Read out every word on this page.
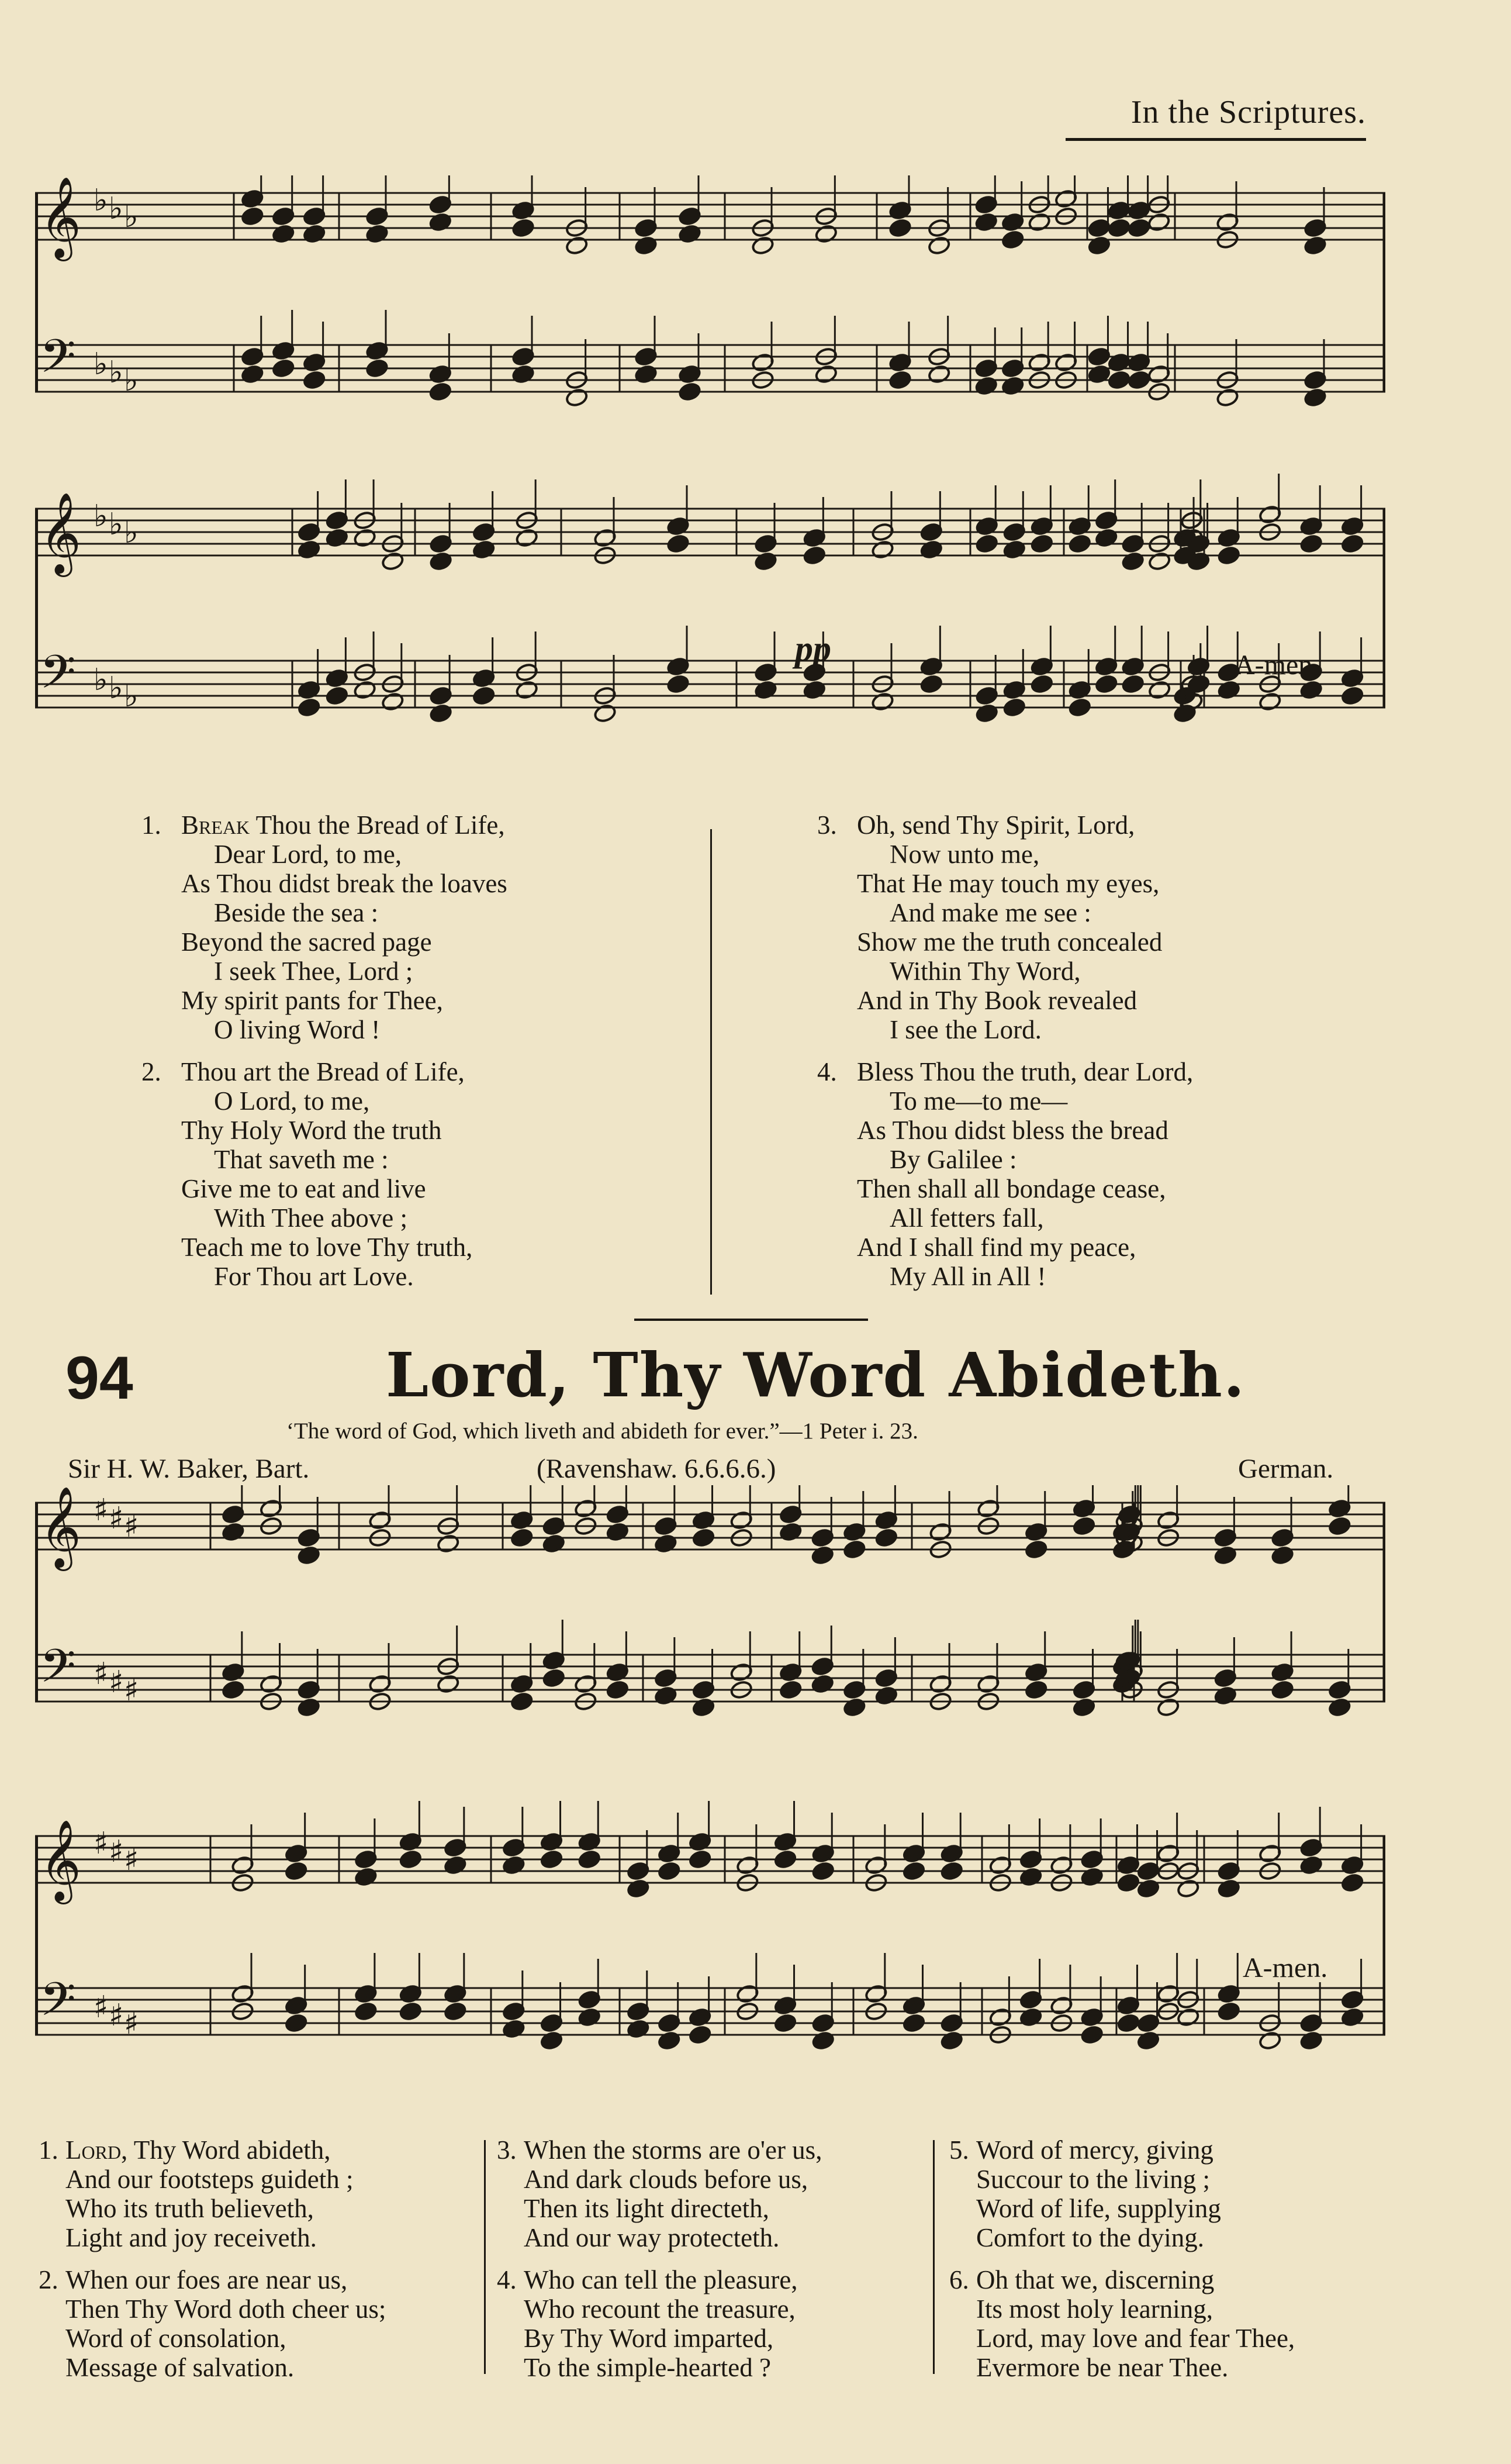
In the Scriptures.
𝄞
𝄢
♭
♭
♭
♭
♭
♭
𝄞
𝄢
♭
♭
♭
♭
♭
♭
pp	A-men.
1. Break Thou the Bread of Life,
Dear Lord, to me,
As Thou didst break the loaves
Beside the sea :
Beyond the sacred page
I seek Thee, Lord ;
My spirit pants for Thee,
O living Word !
2. Thou art the Bread of Life,
O Lord, to me,
Thy Holy Word the truth
That saveth me :
Give me to eat and live
With Thee above ;
Teach me to love Thy truth,
For Thou art Love.
3. Oh, send Thy Spirit, Lord,
Now unto me,
That He may touch my eyes,
And make me see :
Show me the truth concealed
Within Thy Word,
And in Thy Book revealed
I see the Lord.
4. Bless Thou the truth, dear Lord,
To me—to me—
As Thou didst bless the bread
By Galilee :
Then shall all bondage cease,
All fetters fall,
And I shall find my peace,
My All in All !
94	Lord, Thy Word Abideth.
‘The word of God, which liveth and abideth for ever.”—1 Peter i. 23.
Sir H. W. Baker, Bart.	(Ravenshaw. 6.6.6.6.)	German.
𝄞
𝄢
♯
♯
♯
♯
♯
♯
𝄞
𝄢
♯
♯
♯
♯
♯
♯
A-men.
1. Lord, Thy Word abideth,
And our footsteps guideth ;
Who its truth believeth,
Light and joy receiveth.
2. When our foes are near us,
Then Thy Word doth cheer us;
Word of consolation,
Message of salvation.
3. When the storms are o'er us,
And dark clouds before us,
Then its light directeth,
And our way protecteth.
4. Who can tell the pleasure,
Who recount the treasure,
By Thy Word imparted,
To the simple-hearted ?
5. Word of mercy, giving
Succour to the living ;
Word of life, supplying
Comfort to the dying.
6. Oh that we, discerning
Its most holy learning,
Lord, may love and fear Thee,
Evermore be near Thee.
